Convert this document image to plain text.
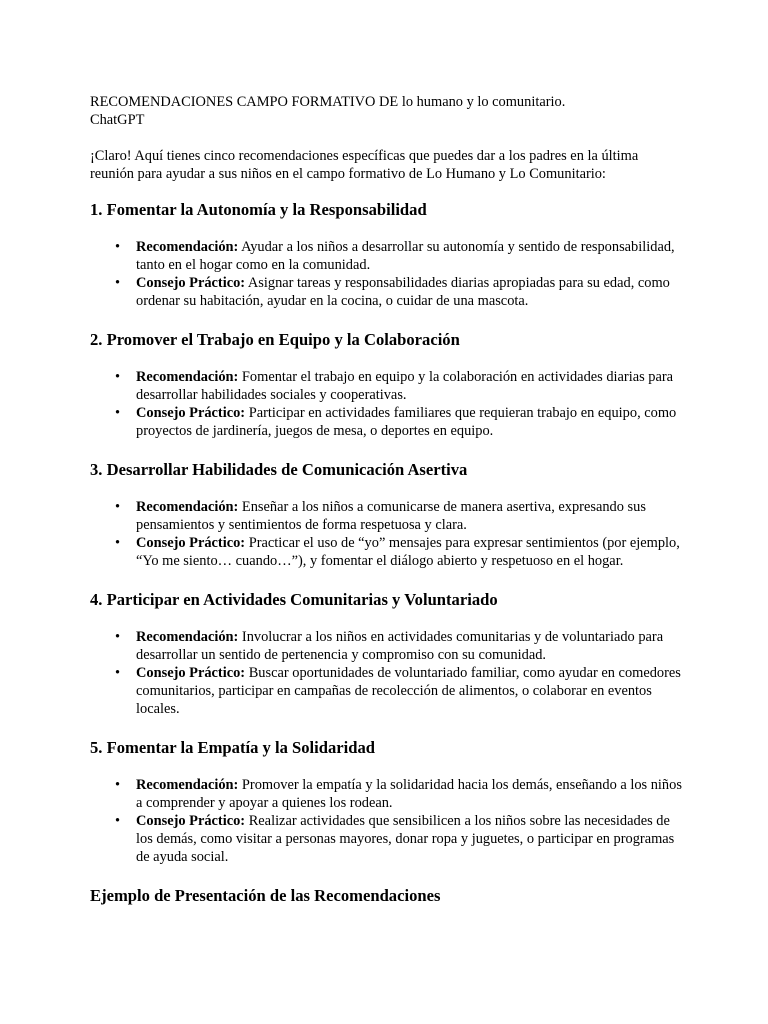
RECOMENDACIONES CAMPO FORMATIVO DE lo humano y lo comunitario.

ChatGPT

¡Claro! Aquí tienes cinco recomendaciones específicas que puedes dar a los padres en la última reunión para ayudar a sus niños en el campo formativo de Lo Humano y Lo Comunitario:

1. Fomentar la Autonomía y la Responsabilidad
• Recomendación: Ayudar a los niños a desarrollar su autonomía y sentido de responsabilidad, tanto en el hogar como en la comunidad.
• Consejo Práctico: Asignar tareas y responsabilidades diarias apropiadas para su edad, como ordenar su habitación, ayudar en la cocina, o cuidar de una mascota.
2. Promover el Trabajo en Equipo y la Colaboración
• Recomendación: Fomentar el trabajo en equipo y la colaboración en actividades diarias para desarrollar habilidades sociales y cooperativas.
• Consejo Práctico: Participar en actividades familiares que requieran trabajo en equipo, como proyectos de jardinería, juegos de mesa, o deportes en equipo.
3. Desarrollar Habilidades de Comunicación Asertiva
• Recomendación: Enseñar a los niños a comunicarse de manera asertiva, expresando sus pensamientos y sentimientos de forma respetuosa y clara.
• Consejo Práctico: Practicar el uso de “yo” mensajes para expresar sentimientos (por ejemplo, “Yo me siento… cuando…”), y fomentar el diálogo abierto y respetuoso en el hogar.
4. Participar en Actividades Comunitarias y Voluntariado
• Recomendación: Involucrar a los niños en actividades comunitarias y de voluntariado para desarrollar un sentido de pertenencia y compromiso con su comunidad.
• Consejo Práctico: Buscar oportunidades de voluntariado familiar, como ayudar en comedores comunitarios, participar en campañas de recolección de alimentos, o colaborar en eventos locales.
5. Fomentar la Empatía y la Solidaridad
• Recomendación: Promover la empatía y la solidaridad hacia los demás, enseñando a los niños a comprender y apoyar a quienes los rodean.
• Consejo Práctico: Realizar actividades que sensibilicen a los niños sobre las necesidades de los demás, como visitar a personas mayores, donar ropa y juguetes, o participar en programas de ayuda social.
Ejemplo de Presentación de las Recomendaciones
